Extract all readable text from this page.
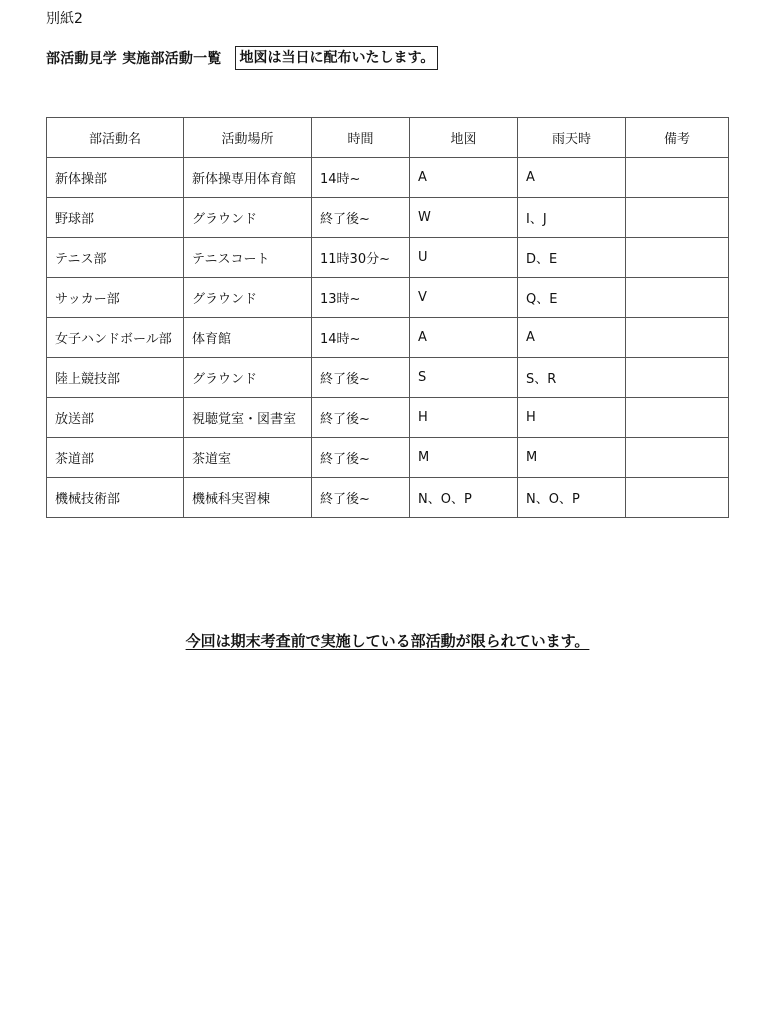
別紙2
部活動見学 実施部活動一覧 地図は当日に配布いたします。
部活動名	活動場所	時間	地図	雨天時	備考
新体操部	新体操専用体育館	14時~	A	A	
野球部	グラウンド	終了後~	W	I、J	
テニス部	テニスコート	11時30分~	U	D、E	
サッカー部	グラウンド	13時~	V	Q、E	
女子ハンドボール部	体育館	14時~	A	A	
陸上競技部	グラウンド	終了後~	S	S、R	
放送部	視聴覚室・図書室	終了後~	H	H	
茶道部	茶道室	終了後~	M	M	
機械技術部	機械科実習棟	終了後~	N、O、P	N、O、P	
今回は期末考査前で実施している部活動が限られています。
